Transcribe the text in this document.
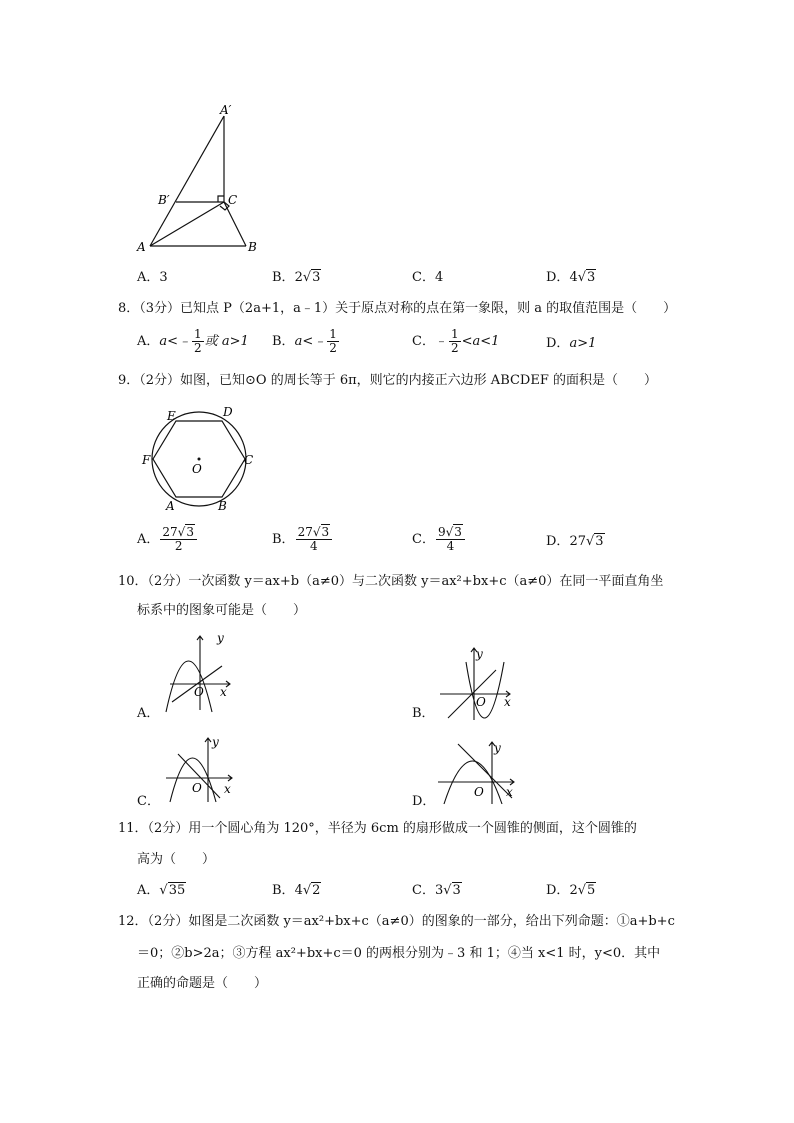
A′
B′	C
A	B
A．3	B．2√3	C．4	D．4√3
8．（3分）已知点 P（2a+1，a﹣1）关于原点对称的点在第一象限，则 a 的取值范围是（　　）
A．a<﹣ $\frac{1}{2}$ 或 a>1 B．a<﹣ $\frac{1}{2}$	C．﹣ $\frac{1}{2} <a<1$	D．a>1
9．（2分）如图，已知⊙O 的周长等于 6π，则它的内接正六边形 ABCDEF 的面积是（　　）
E	D
F	C
A	B
O
A． $\frac{27√3}{2}$	B． $\frac{27√3}{4}$	C． $\frac{9√3}{4}$	D．27√3
10．（2分）一次函数 y＝ax+b（a≠0）与二次函数 y＝ax²+bx+c（a≠0）在同一平面直角坐
标系中的图象可能是（　　）
y
x
O
A．
y
x
O
B．
y
x
O
C．
y
x
O
D．
11．（2分）用一个圆心角为 120°，半径为 6cm 的扇形做成一个圆锥的侧面，这个圆锥的
高为（　　）
A．√35	B．4√2	C．3√3	D．2√5
12．（2分）如图是二次函数 y＝ax²+bx+c（a≠0）的图象的一部分，给出下列命题：①a+b+c
＝0；②b>2a；③方程 ax²+bx+c＝0 的两根分别为﹣3 和 1；④当 x<1 时，y<0．其中
正确的命题是（　　）
